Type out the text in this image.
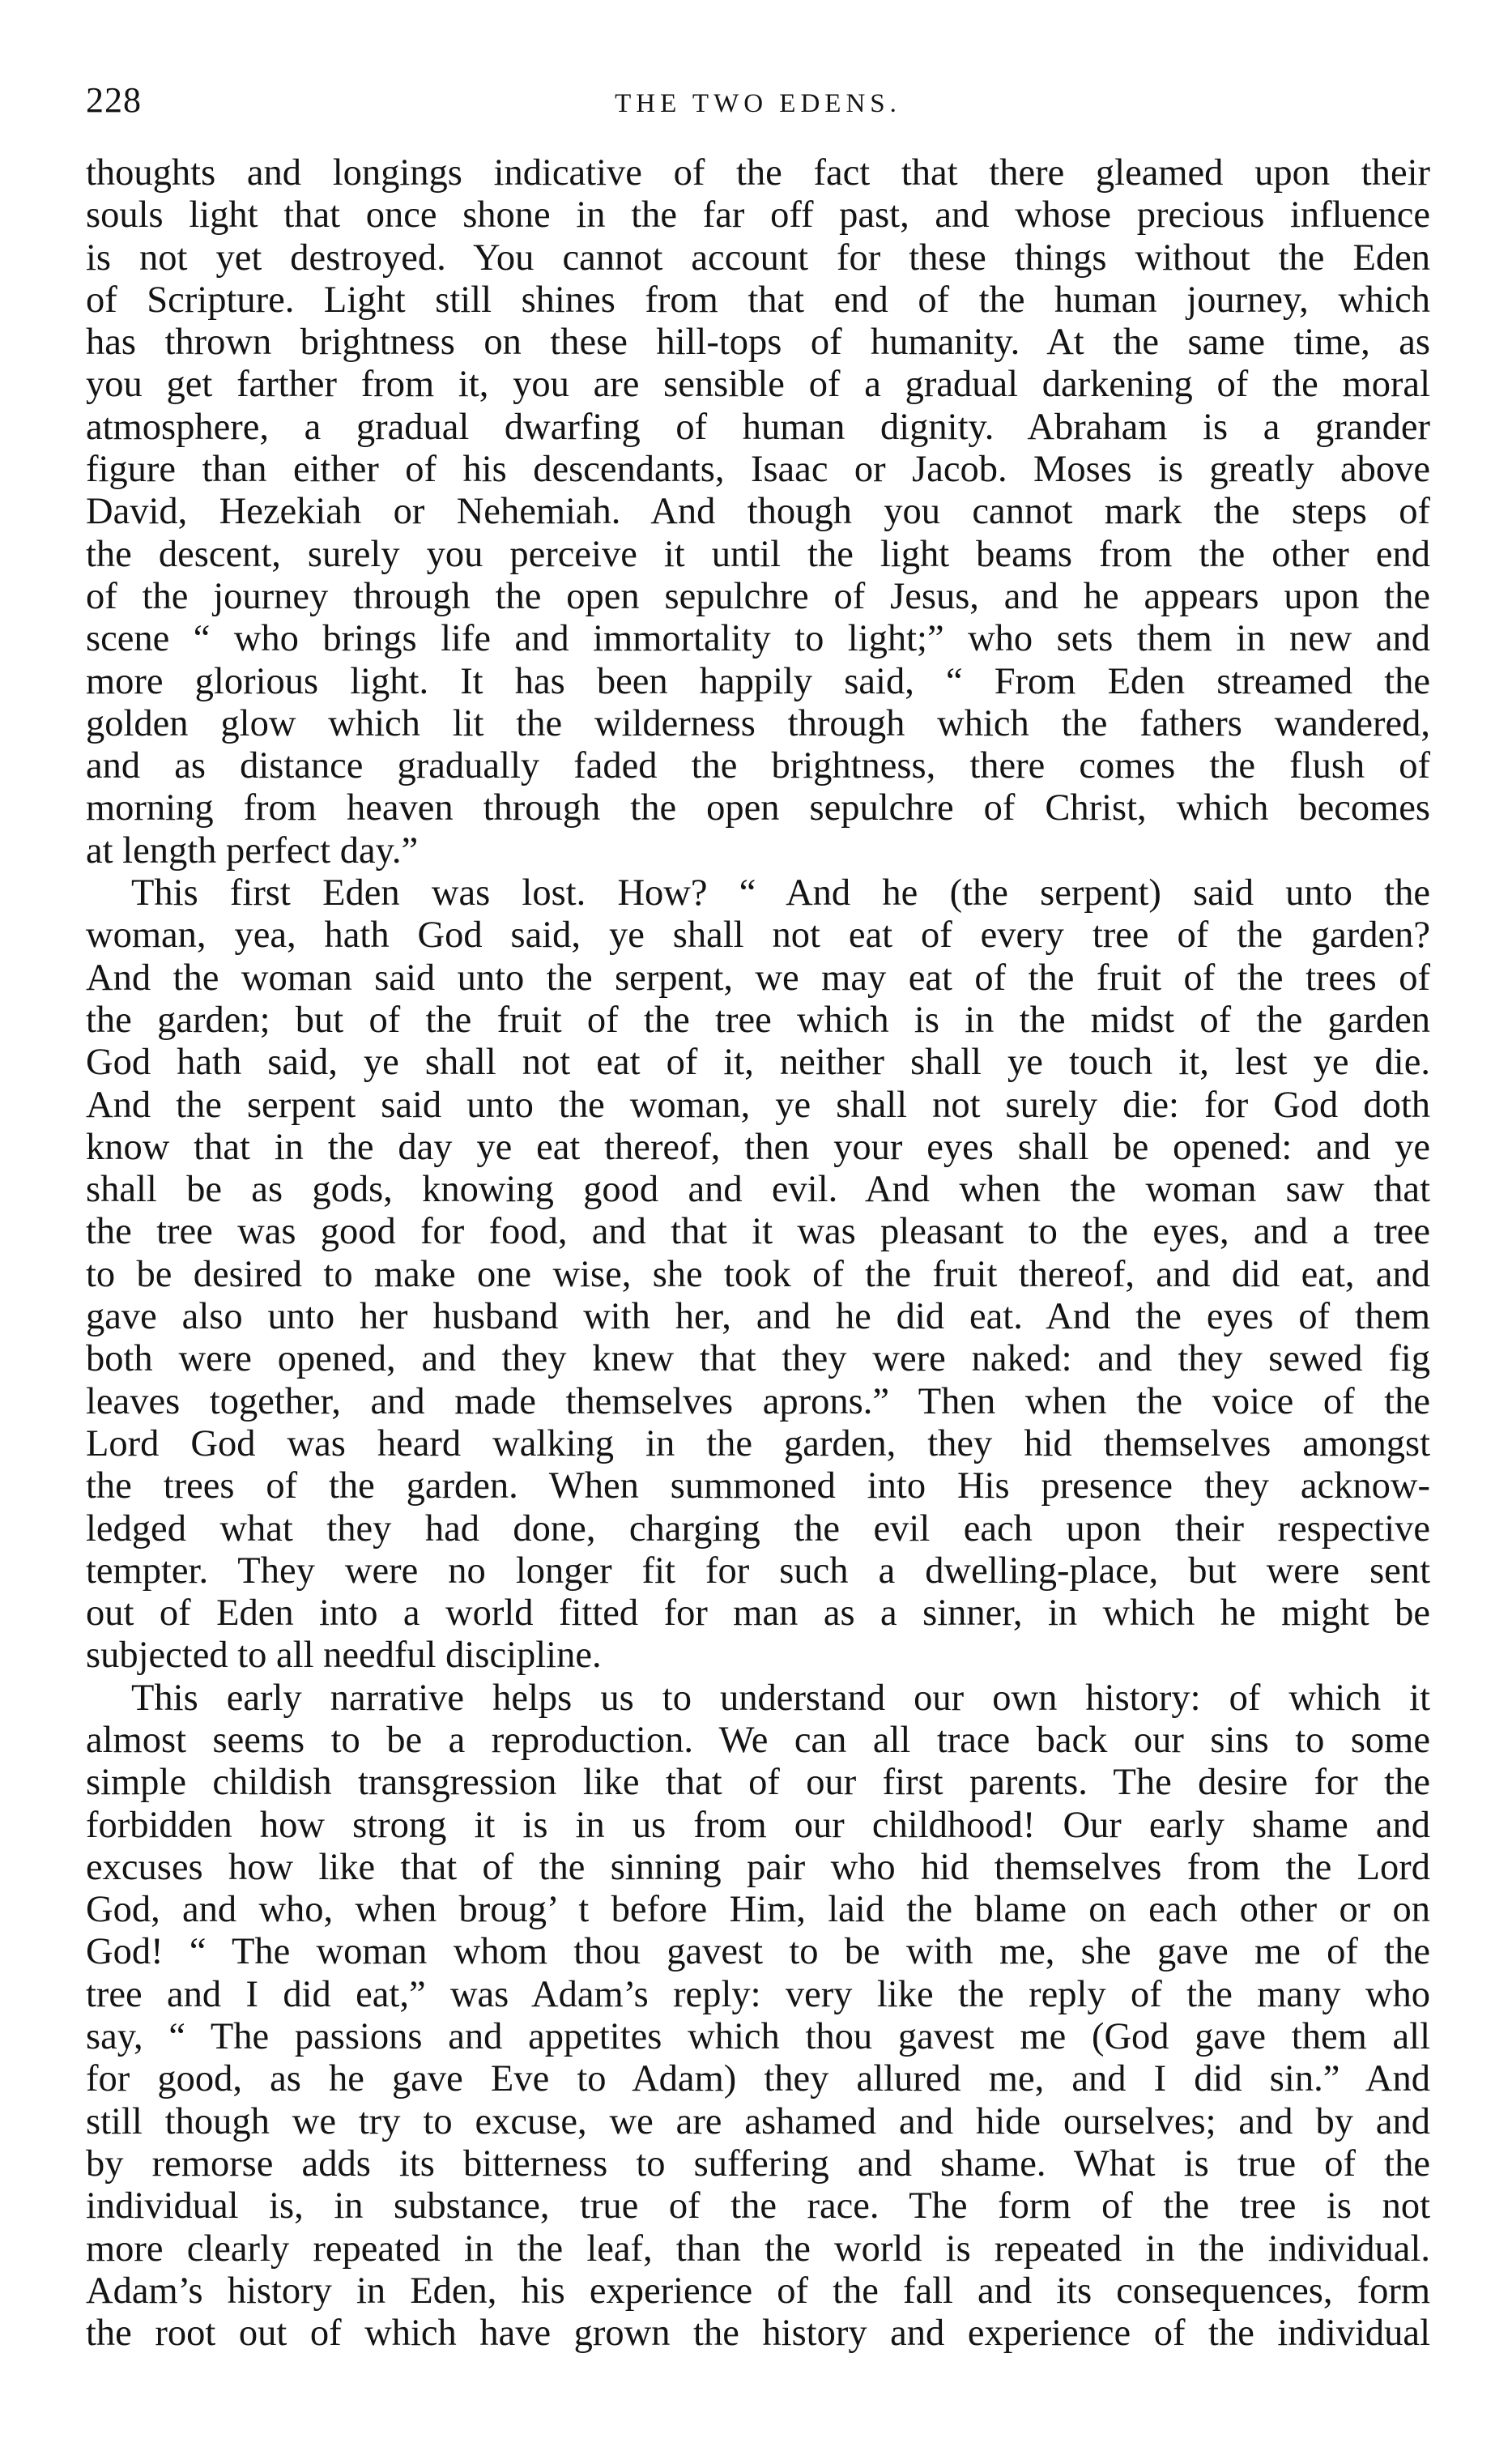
228	THE TWO EDENS.
thoughts and longings indicative of the fact that there gleamed upon their
souls light that once shone in the far off past, and whose precious influence
is not yet destroyed. You cannot account for these things without the Eden
of Scripture. Light still shines from that end of the human journey, which
has thrown brightness on these hill-tops of humanity. At the same time, as
you get farther from it, you are sensible of a gradual darkening of the moral
atmosphere, a gradual dwarfing of human dignity. Abraham is a grander
figure than either of his descendants, Isaac or Jacob. Moses is greatly above
David, Hezekiah or Nehemiah. And though you cannot mark the steps of
the descent, surely you perceive it until the light beams from the other end
of the journey through the open sepulchre of Jesus, and he appears upon the
scene “ who brings life and immortality to light;” who sets them in new and
more glorious light. It has been happily said, “ From Eden streamed the
golden glow which lit the wilderness through which the fathers wandered,
and as distance gradually faded the brightness, there comes the flush of
morning from heaven through the open sepulchre of Christ, which becomes
at length perfect day.”
This first Eden was lost. How? “ And he (the serpent) said unto the
woman, yea, hath God said, ye shall not eat of every tree of the garden?
And the woman said unto the serpent, we may eat of the fruit of the trees of
the garden; but of the fruit of the tree which is in the midst of the garden
God hath said, ye shall not eat of it, neither shall ye touch it, lest ye die.
And the serpent said unto the woman, ye shall not surely die: for God doth
know that in the day ye eat thereof, then your eyes shall be opened: and ye
shall be as gods, knowing good and evil. And when the woman saw that
the tree was good for food, and that it was pleasant to the eyes, and a tree
to be desired to make one wise, she took of the fruit thereof, and did eat, and
gave also unto her husband with her, and he did eat. And the eyes of them
both were opened, and they knew that they were naked: and they sewed fig
leaves together, and made themselves aprons.” Then when the voice of the
Lord God was heard walking in the garden, they hid themselves amongst
the trees of the garden. When summoned into His presence they acknow-
ledged what they had done, charging the evil each upon their respective
tempter. They were no longer fit for such a dwelling-place, but were sent
out of Eden into a world fitted for man as a sinner, in which he might be
subjected to all needful discipline.
This early narrative helps us to understand our own history: of which it
almost seems to be a reproduction. We can all trace back our sins to some
simple childish transgression like that of our first parents. The desire for the
forbidden how strong it is in us from our childhood! Our early shame and
excuses how like that of the sinning pair who hid themselves from the Lord
God, and who, when broug’ t before Him, laid the blame on each other or on
God! “ The woman whom thou gavest to be with me, she gave me of the
tree and I did eat,” was Adam’s reply: very like the reply of the many who
say, “ The passions and appetites which thou gavest me (God gave them all
for good, as he gave Eve to Adam) they allured me, and I did sin.” And
still though we try to excuse, we are ashamed and hide ourselves; and by and
by remorse adds its bitterness to suffering and shame. What is true of the
individual is, in substance, true of the race. The form of the tree is not
more clearly repeated in the leaf, than the world is repeated in the individual.
Adam’s history in Eden, his experience of the fall and its consequences, form
the root out of which have grown the history and experience of the individual
